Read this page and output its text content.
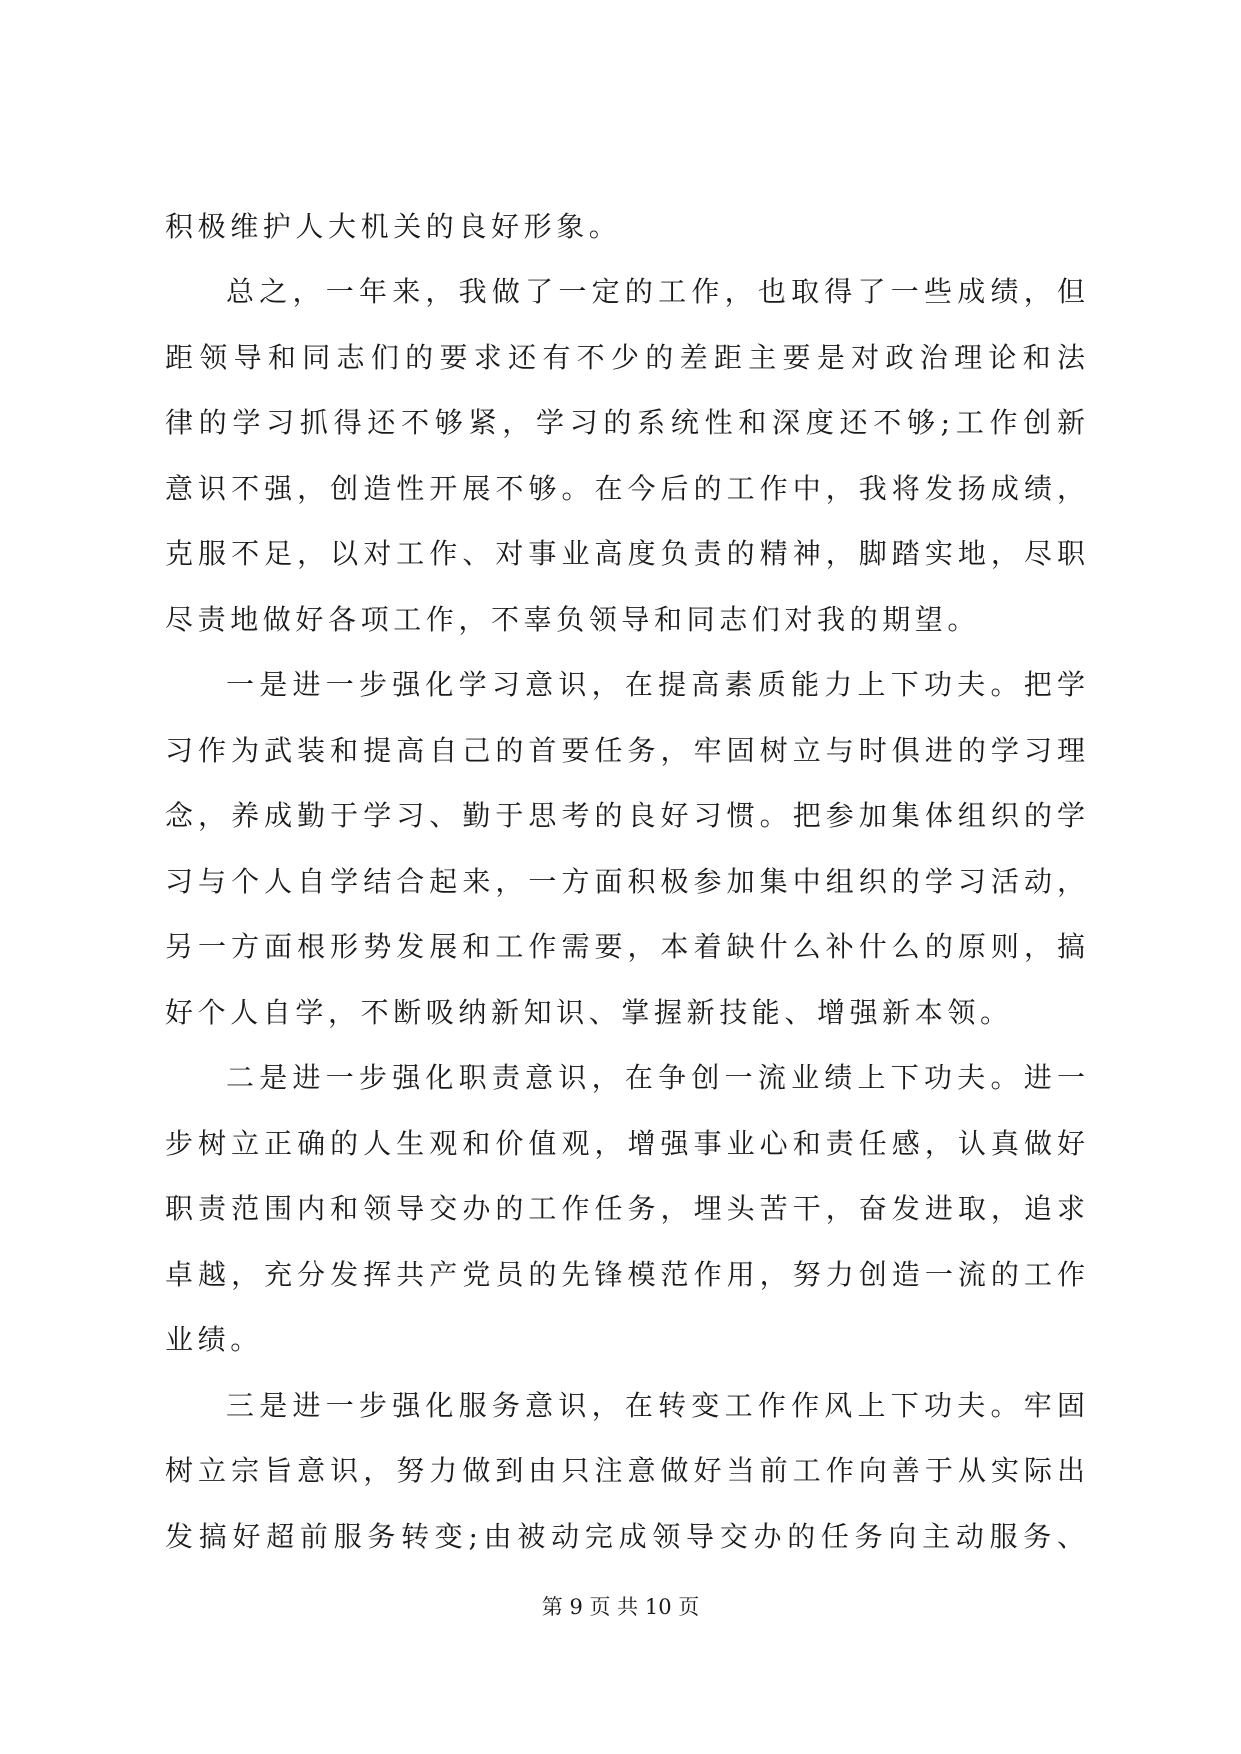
积极维护人大机关的良好形象。
总之，一年来，我做了一定的工作，也取得了一些成绩，但
距领导和同志们的要求还有不少的差距主要是对政治理论和法
律的学习抓得还不够紧，学习的系统性和深度还不够;工作创新
意识不强，创造性开展不够。在今后的工作中，我将发扬成绩，
克服不足，以对工作、对事业高度负责的精神，脚踏实地，尽职
尽责地做好各项工作，不辜负领导和同志们对我的期望。
一是进一步强化学习意识，在提高素质能力上下功夫。把学
习作为武装和提高自己的首要任务，牢固树立与时俱进的学习理
念，养成勤于学习、勤于思考的良好习惯。把参加集体组织的学
习与个人自学结合起来，一方面积极参加集中组织的学习活动，
另一方面根形势发展和工作需要，本着缺什么补什么的原则，搞
好个人自学，不断吸纳新知识、掌握新技能、增强新本领。
二是进一步强化职责意识，在争创一流业绩上下功夫。进一
步树立正确的人生观和价值观，增强事业心和责任感，认真做好
职责范围内和领导交办的工作任务，埋头苦干，奋发进取，追求
卓越，充分发挥共产党员的先锋模范作用，努力创造一流的工作
业绩。
三是进一步强化服务意识，在转变工作作风上下功夫。牢固
树立宗旨意识，努力做到由只注意做好当前工作向善于从实际出
发搞好超前服务转变;由被动完成领导交办的任务向主动服务、
第 9 页 共 10 页
